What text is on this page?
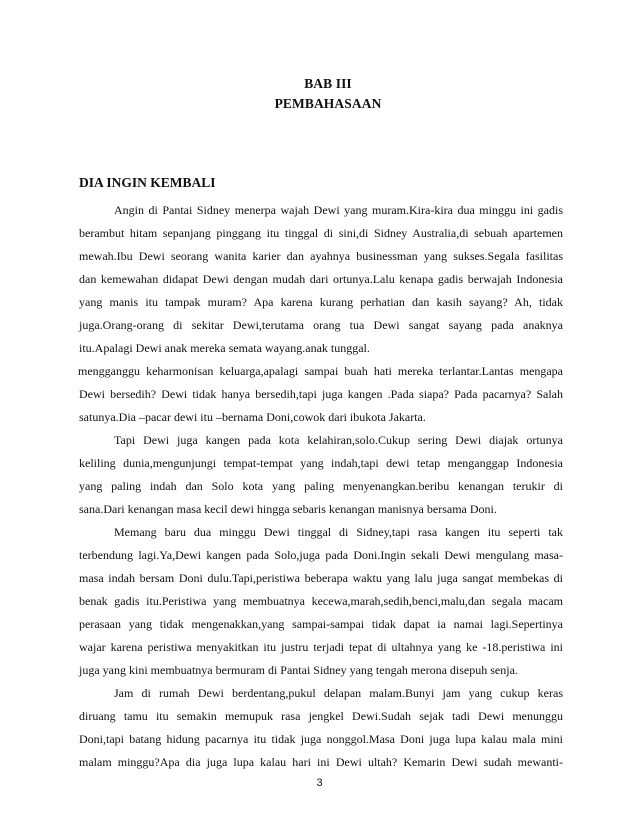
BAB III
PEMBAHASAAN
DIA INGIN KEMBALI
Angin di Pantai Sidney menerpa wajah Dewi yang muram.Kira-kira dua minggu ini gadis
berambut hitam sepanjang pinggang itu tinggal di sini,di Sidney Australia,di sebuah apartemen
mewah.Ibu Dewi seorang wanita karier dan ayahnya businessman yang sukses.Segala fasilitas
dan kemewahan didapat Dewi dengan mudah dari ortunya.Lalu kenapa gadis berwajah Indonesia
yang manis itu tampak muram? Apa karena kurang perhatian dan kasih sayang? Ah, tidak
juga.Orang-orang di sekitar Dewi,terutama orang tua Dewi sangat sayang pada anaknya
itu.Apalagi Dewi anak mereka semata wayang.anak tunggal.
mengganggu keharmonisan keluarga,apalagi sampai buah hati mereka terlantar.Lantas mengapa
Dewi bersedih? Dewi tidak hanya bersedih,tapi juga kangen .Pada siapa? Pada pacarnya? Salah
satunya.Dia –pacar dewi itu –bernama Doni,cowok dari ibukota Jakarta.
Tapi Dewi juga kangen pada kota kelahiran,solo.Cukup sering Dewi diajak ortunya
keliling dunia,mengunjungi tempat-tempat yang indah,tapi dewi tetap menganggap Indonesia
yang paling indah dan Solo kota yang paling menyenangkan.beribu kenangan terukir di
sana.Dari kenangan masa kecil dewi hingga sebaris kenangan manisnya bersama Doni.
Memang baru dua minggu Dewi tinggal di Sidney,tapi rasa kangen itu seperti tak
terbendung lagi.Ya,Dewi kangen pada Solo,juga pada Doni.Ingin sekali Dewi mengulang masa-
masa indah bersam Doni dulu.Tapi,peristiwa beberapa waktu yang lalu juga sangat membekas di
benak gadis itu.Peristiwa yang membuatnya kecewa,marah,sedih,benci,malu,dan segala macam
perasaan yang tidak mengenakkan,yang sampai-sampai tidak dapat ia namai lagi.Sepertinya
wajar karena peristiwa menyakitkan itu justru terjadi tepat di ultahnya yang ke -18.peristiwa ini
juga yang kini membuatnya bermuram di Pantai Sidney yang tengah merona disepuh senja.
Jam di rumah Dewi berdentang,pukul delapan malam.Bunyi jam yang cukup keras
diruang tamu itu semakin memupuk rasa jengkel Dewi.Sudah sejak tadi Dewi menunggu
Doni,tapi batang hidung pacarnya itu tidak juga nonggol.Masa Doni juga lupa kalau mala mini
malam minggu?Apa dia juga lupa kalau hari ini Dewi ultah? Kemarin Dewi sudah mewanti-
3
